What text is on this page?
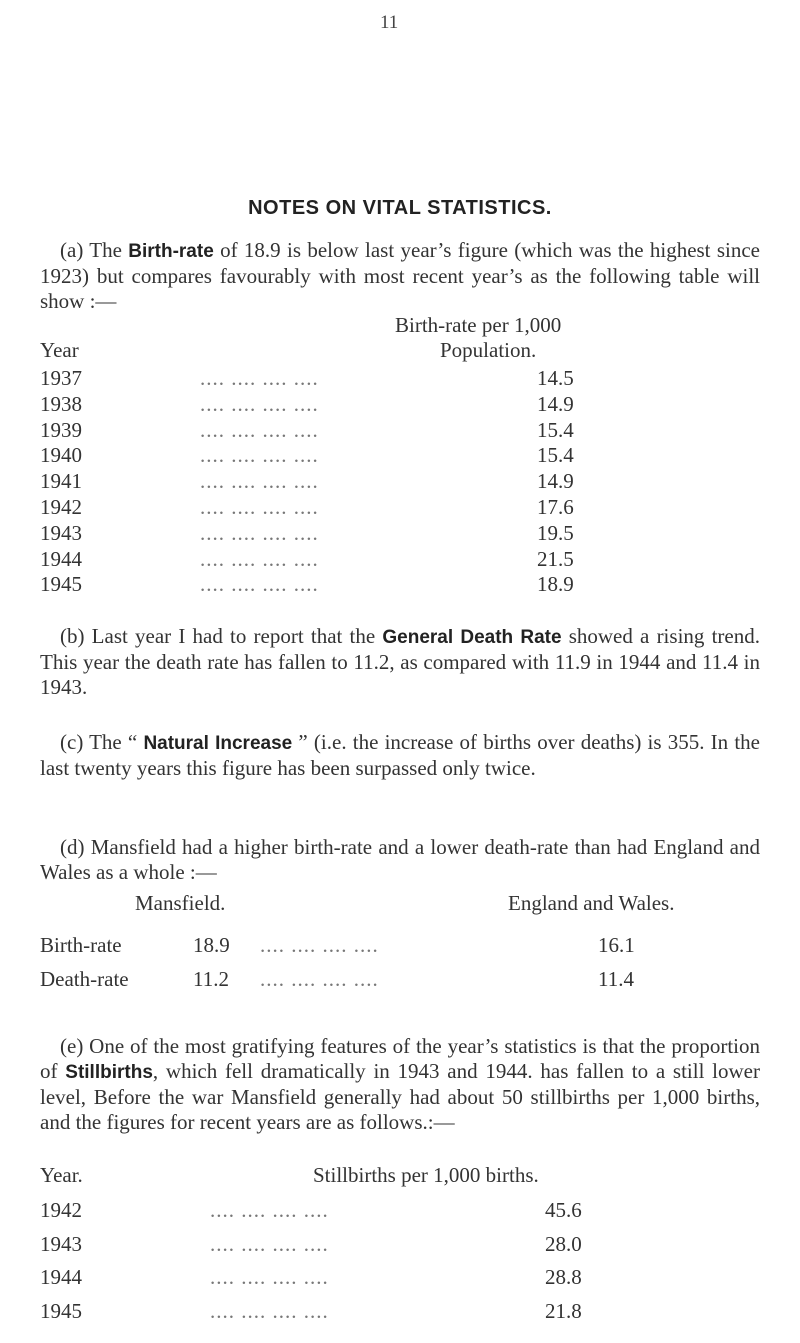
11
NOTES ON VITAL STATISTICS.

(a) The Birth-rate of 18.9 is below last year’s figure (which was the highest since 1923) but compares favourably with most recent year’s as the following table will show :—

Birth-rate per 1,000
Year	Population.
1937	.... .... .... ....	14.5
1938	.... .... .... ....	14.9
1939	.... .... .... ....	15.4
1940	.... .... .... ....	15.4
1941	.... .... .... ....	14.9
1942	.... .... .... ....	17.6
1943	.... .... .... ....	19.5
1944	.... .... .... ....	21.5
1945	.... .... .... ....	18.9

(b) Last year I had to report that the General Death Rate showed a rising trend. This year the death rate has fallen to 11.2, as compared with 11.9 in 1944 and 11.4 in 1943.

(c) The “ Natural Increase ” (i.e. the increase of births over deaths) is 355. In the last twenty years this figure has been surpassed only twice.

(d) Mansfield had a higher birth-rate and a lower death-rate than had England and Wales as a whole :—

Mansfield.	England and Wales.
Birth-rate	18.9 .... .... .... ....	16.1
Death-rate	11.2 .... .... .... ....	11.4

(e) One of the most gratifying features of the year’s statistics is that the proportion of Stillbirths, which fell dramatically in 1943 and 1944. has fallen to a still lower level, Before the war Mansfield generally had about 50 stillbirths per 1,000 births, and the figures for recent years are as follows.:—

Year.	Stillbirths per 1,000 births.
1942	.... .... .... ....	45.6
1943	.... .... .... ....	28.0
1944	.... .... .... ....	28.8
1945	.... .... .... ....	21.8
